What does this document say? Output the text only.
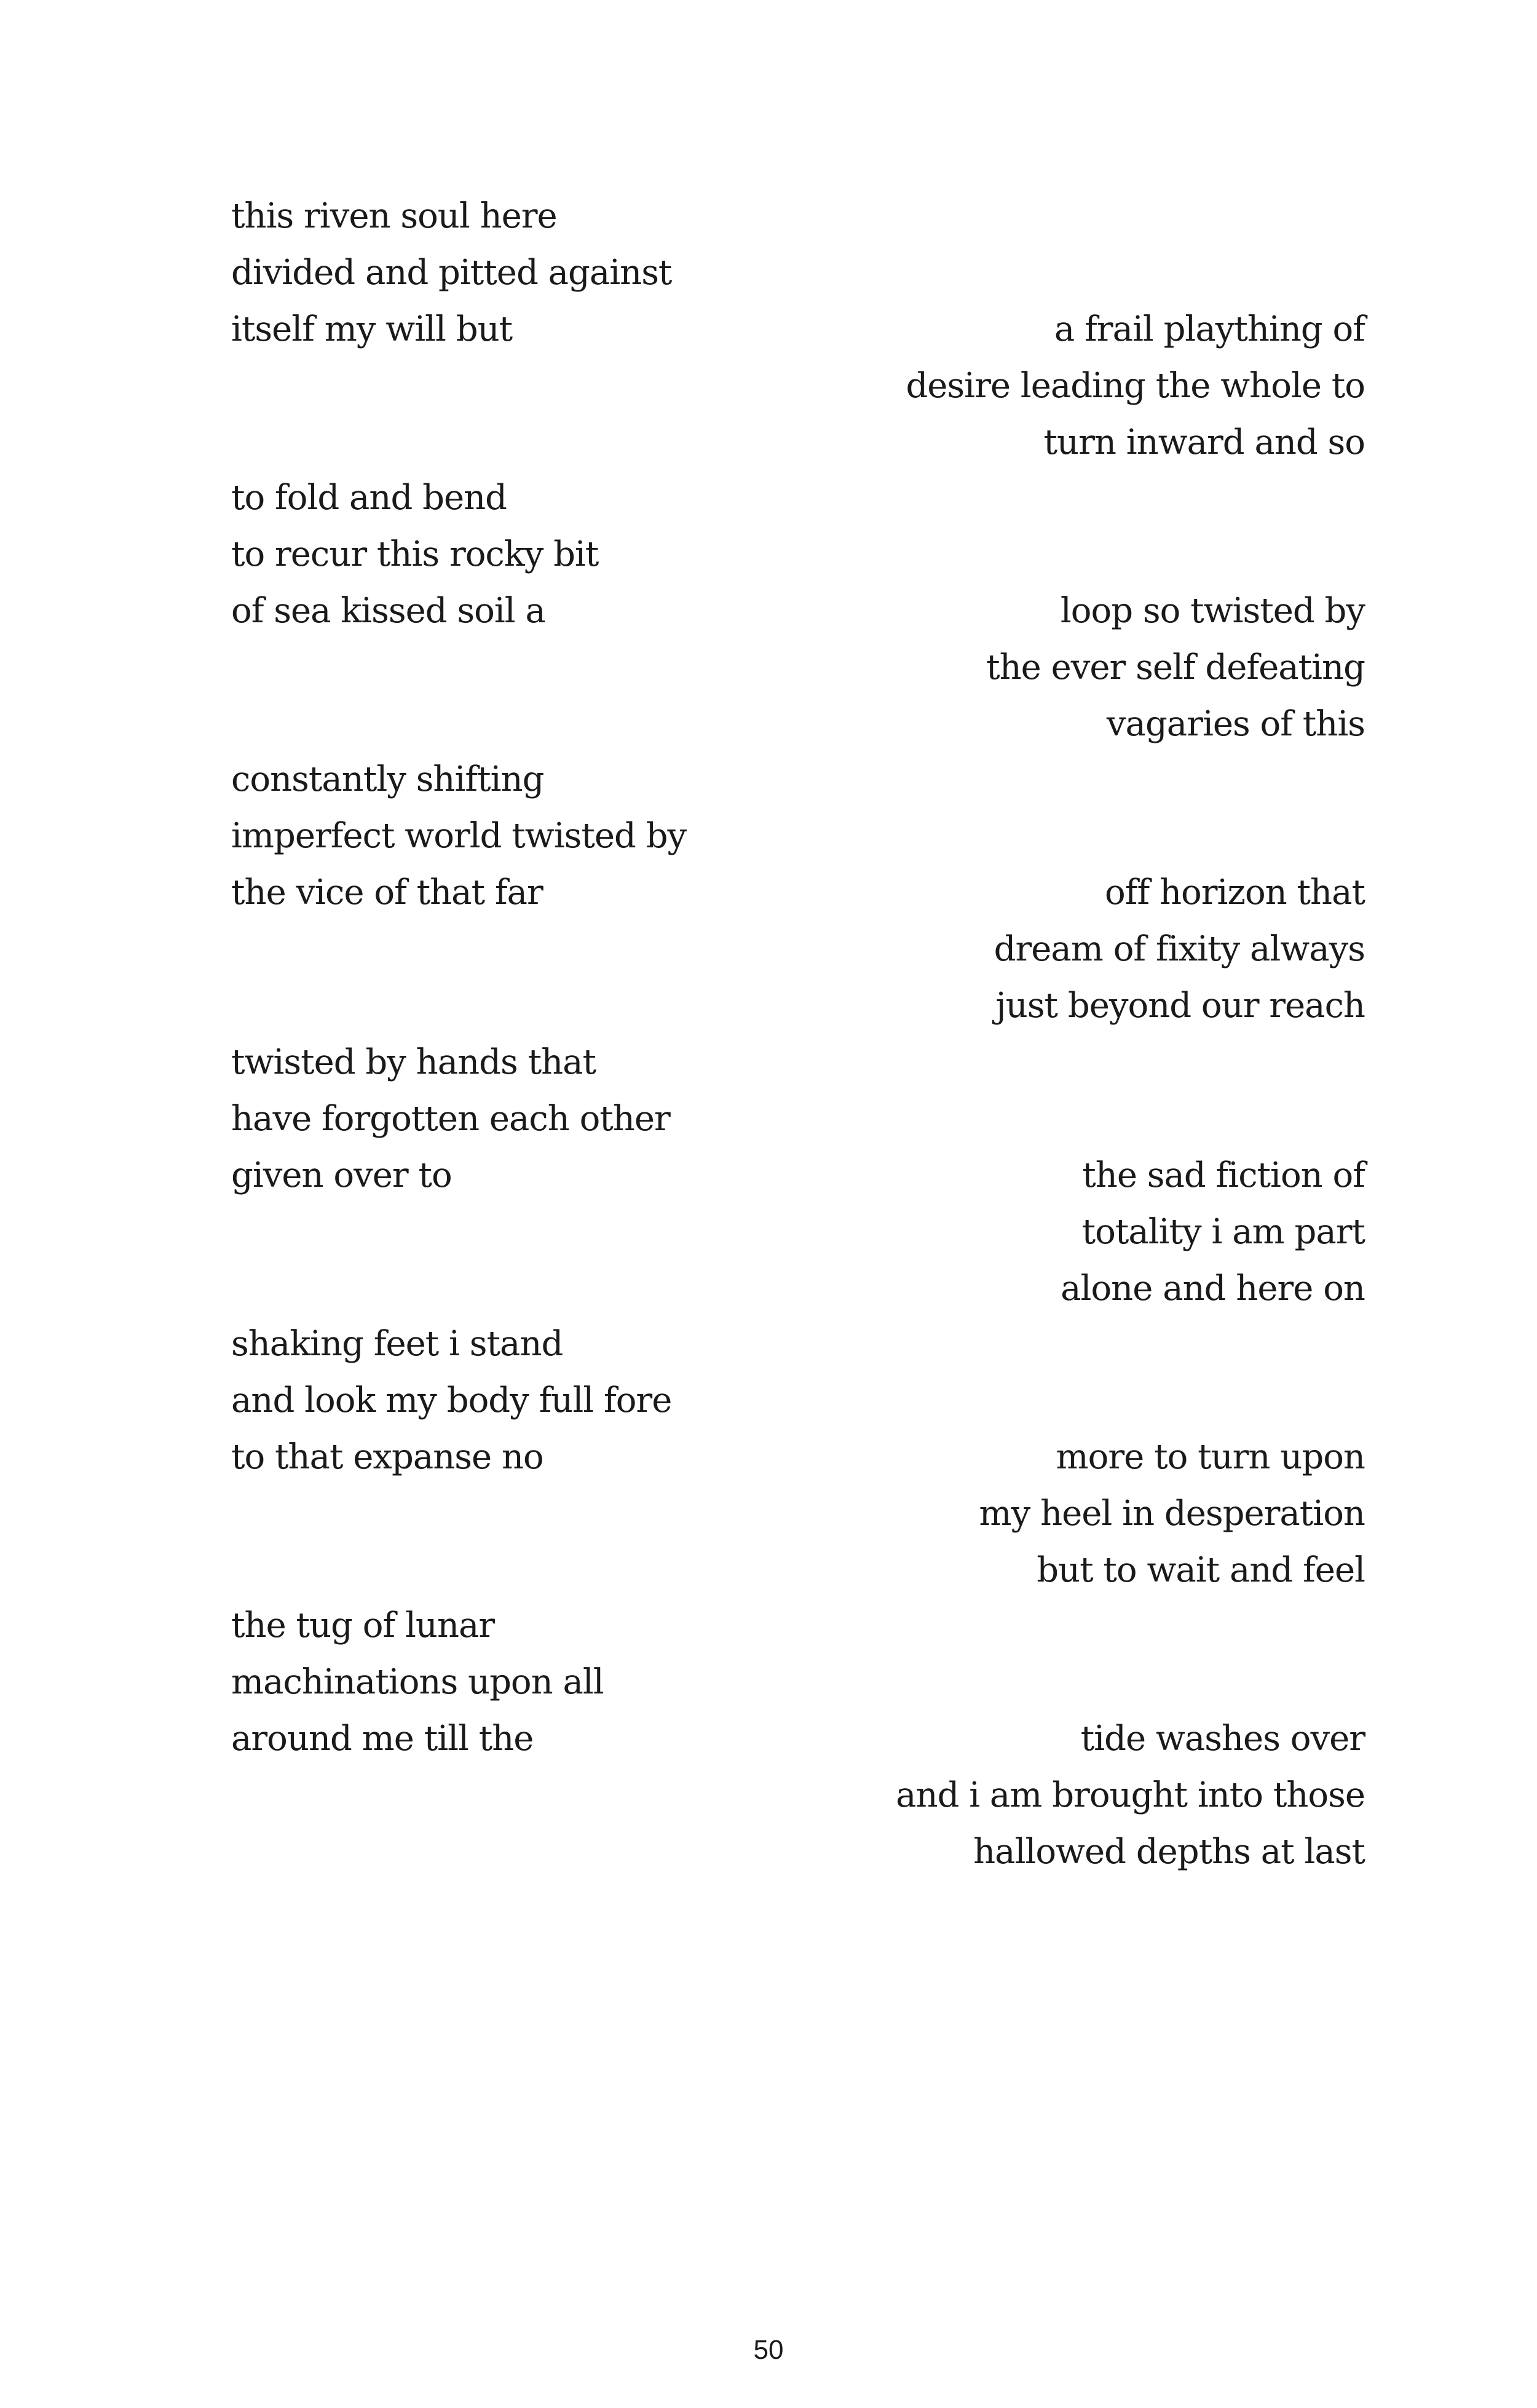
this riven soul here
divided and pitted against
itself my will but
to fold and bend
to recur this rocky bit
of sea kissed soil a
constantly shifting
imperfect world twisted by
the vice of that far
twisted by hands that
have forgotten each other
given over to
shaking feet i stand
and look my body full fore
to that expanse no
the tug of lunar
machinations upon all
around me till the
a frail plaything of
desire leading the whole to
turn inward and so
loop so twisted by
the ever self defeating
vagaries of this
off horizon that
dream of fixity always
just beyond our reach
the sad fiction of
totality i am part
alone and here on
more to turn upon
my heel in desperation
but to wait and feel
tide washes over
and i am brought into those
hallowed depths at last
50
